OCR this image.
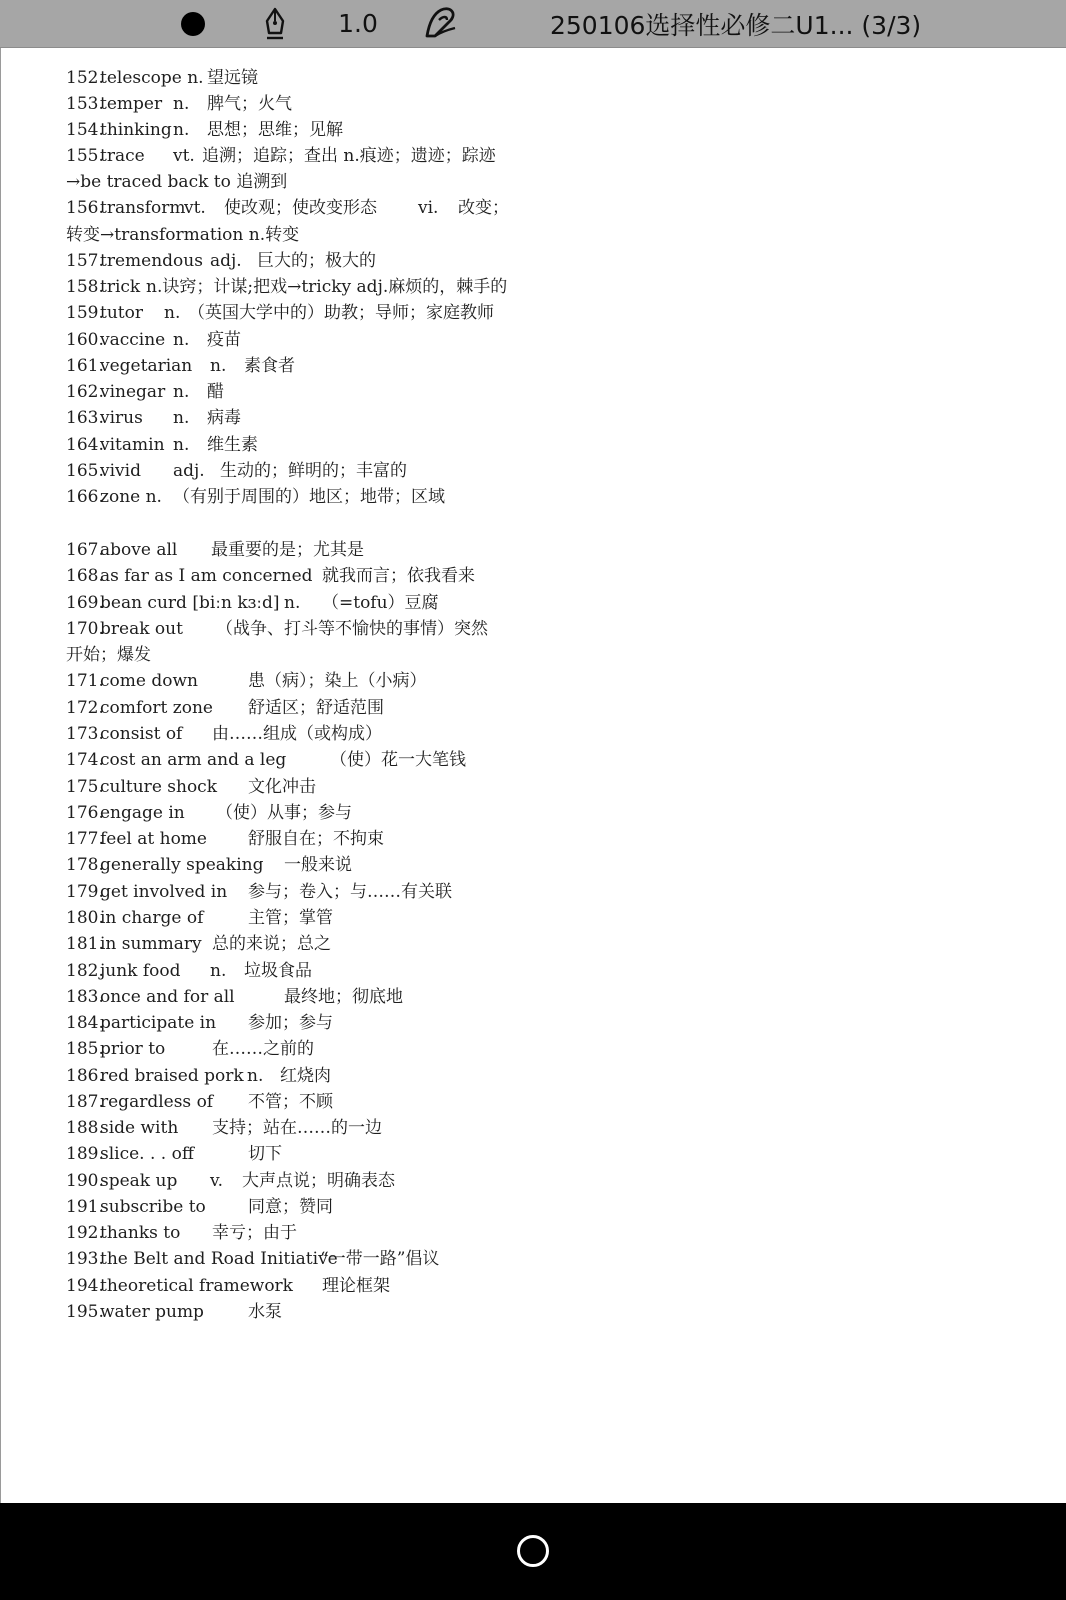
1.0	250106选择性必修二U1... (3/3)
152.
telescope n. 望远镜
153.
temper n. 脾气；火气
154.
thinking n. 思想；思维；见解
155.
trace vt. 追溯；追踪；查出 n.痕迹；遗迹；踪迹
→be traced back to 追溯到
156.
transform
vt. 使改观；使改变形态 vi. 改变；
转变→transformation n.转变
157.
tremendous adj. 巨大的；极大的
158.
trick n.诀窍；计谋;把戏→tricky adj.麻烦的，棘手的
159.
tutor n. （英国大学中的）助教；导师；家庭教师
160.
vaccine n. 疫苗
161.
vegetarian n. 素食者
162.
vinegar n. 醋
163.
virus n. 病毒
164.
vitamin n. 维生素
165.
vivid adj. 生动的；鲜明的；丰富的
166.
zone n. （有别于周围的）地区；地带；区域
167.
above all 最重要的是；尤其是
168.
as far as I am concerned 就我而言；依我看来
169.
bean curd [biːn kɜːd] n. （=tofu）豆腐
170.
break out （战争、打斗等不愉快的事情）突然
开始；爆发
171.
come down	患（病）；染上（小病）
172.
comfort zone 舒适区；舒适范围
173.
consist of 由……组成（或构成）
174.
cost an arm and a leg	（使）花一大笔钱
175.
culture shock 文化冲击
176.
engage in （使）从事；参与
177.
feel at home 舒服自在；不拘束
178.
generally speaking 一般来说
179.
get involved in 参与；卷入；与……有关联
180.
in charge of	主管；掌管
181.
in summary 总的来说；总之
182.
junk food n. 垃圾食品
183.
once and for all	最终地；彻底地
184.
participate in 参加；参与
185.
prior to	在……之前的
186.
red braised pork n. 红烧肉
187.
regardless of 不管；不顾
188.
side with 支持；站在……的一边
189.
slice. . . off	切下
190.
speak up v. 大声点说；明确表态
191.
subscribe to 同意；赞同
192.
thanks to 幸亏；由于
193.
the Belt and Road Initiative
“一带一路”倡议
194.
theoretical framework 理论框架
195.
water pump	水泵
